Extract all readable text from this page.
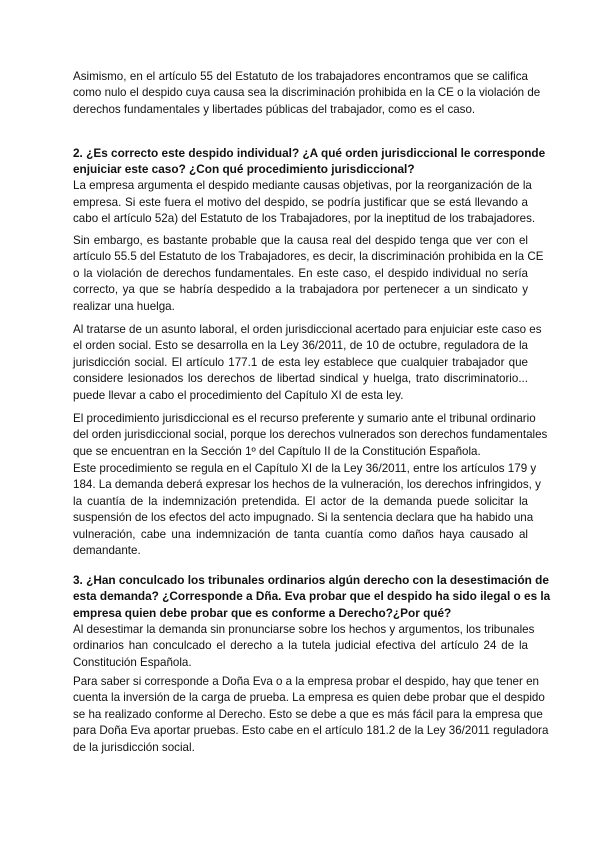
Asimismo, en el artículo 55 del Estatuto de los trabajadores encontramos que se califica
como nulo el despido cuya causa sea la discriminación prohibida en la CE o la violación de
derechos fundamentales y libertades públicas del trabajador, como es el caso.
2. ¿Es correcto este despido individual? ¿A qué orden jurisdiccional le corresponde
enjuiciar este caso? ¿Con qué procedimiento jurisdiccional?
La empresa argumenta el despido mediante causas objetivas, por la reorganización de la
empresa. Si este fuera el motivo del despido, se podría justificar que se está llevando a
cabo el artículo 52a) del Estatuto de los Trabajadores, por la ineptitud de los trabajadores.
Sin embargo, es bastante probable que la causa real del despido tenga que ver con el
artículo 55.5 del Estatuto de los Trabajadores, es decir, la discriminación prohibida en la CE
o la violación de derechos fundamentales. En este caso, el despido individual no sería
correcto, ya que se habría despedido a la trabajadora por pertenecer a un sindicato y
realizar una huelga.
Al tratarse de un asunto laboral, el orden jurisdiccional acertado para enjuiciar este caso es
el orden social. Esto se desarrolla en la Ley 36/2011, de 10 de octubre, reguladora de la
jurisdicción social. El artículo 177.1 de esta ley establece que cualquier trabajador que
considere lesionados los derechos de libertad sindical y huelga, trato discriminatorio...
puede llevar a cabo el procedimiento del Capítulo XI de esta ley.
El procedimiento jurisdiccional es el recurso preferente y sumario ante el tribunal ordinario
del orden jurisdiccional social, porque los derechos vulnerados son derechos fundamentales
que se encuentran en la Sección 1º del Capítulo II de la Constitución Española.
Este procedimiento se regula en el Capítulo XI de la Ley 36/2011, entre los artículos 179 y
184. La demanda deberá expresar los hechos de la vulneración, los derechos infringidos, y
la cuantía de la indemnización pretendida. El actor de la demanda puede solicitar la
suspensión de los efectos del acto impugnado. Si la sentencia declara que ha habido una
vulneración, cabe una indemnización de tanta cuantía como daños haya causado al
demandante.
3. ¿Han conculcado los tribunales ordinarios algún derecho con la desestimación de
esta demanda? ¿Corresponde a Dña. Eva probar que el despido ha sido ilegal o es la
empresa quien debe probar que es conforme a Derecho?¿Por qué?
Al desestimar la demanda sin pronunciarse sobre los hechos y argumentos, los tribunales
ordinarios han conculcado el derecho a la tutela judicial efectiva del artículo 24 de la
Constitución Española.
Para saber si corresponde a Doña Eva o a la empresa probar el despido, hay que tener en
cuenta la inversión de la carga de prueba. La empresa es quien debe probar que el despido
se ha realizado conforme al Derecho. Esto se debe a que es más fácil para la empresa que
para Doña Eva aportar pruebas. Esto cabe en el artículo 181.2 de la Ley 36/2011 reguladora
de la jurisdicción social.
